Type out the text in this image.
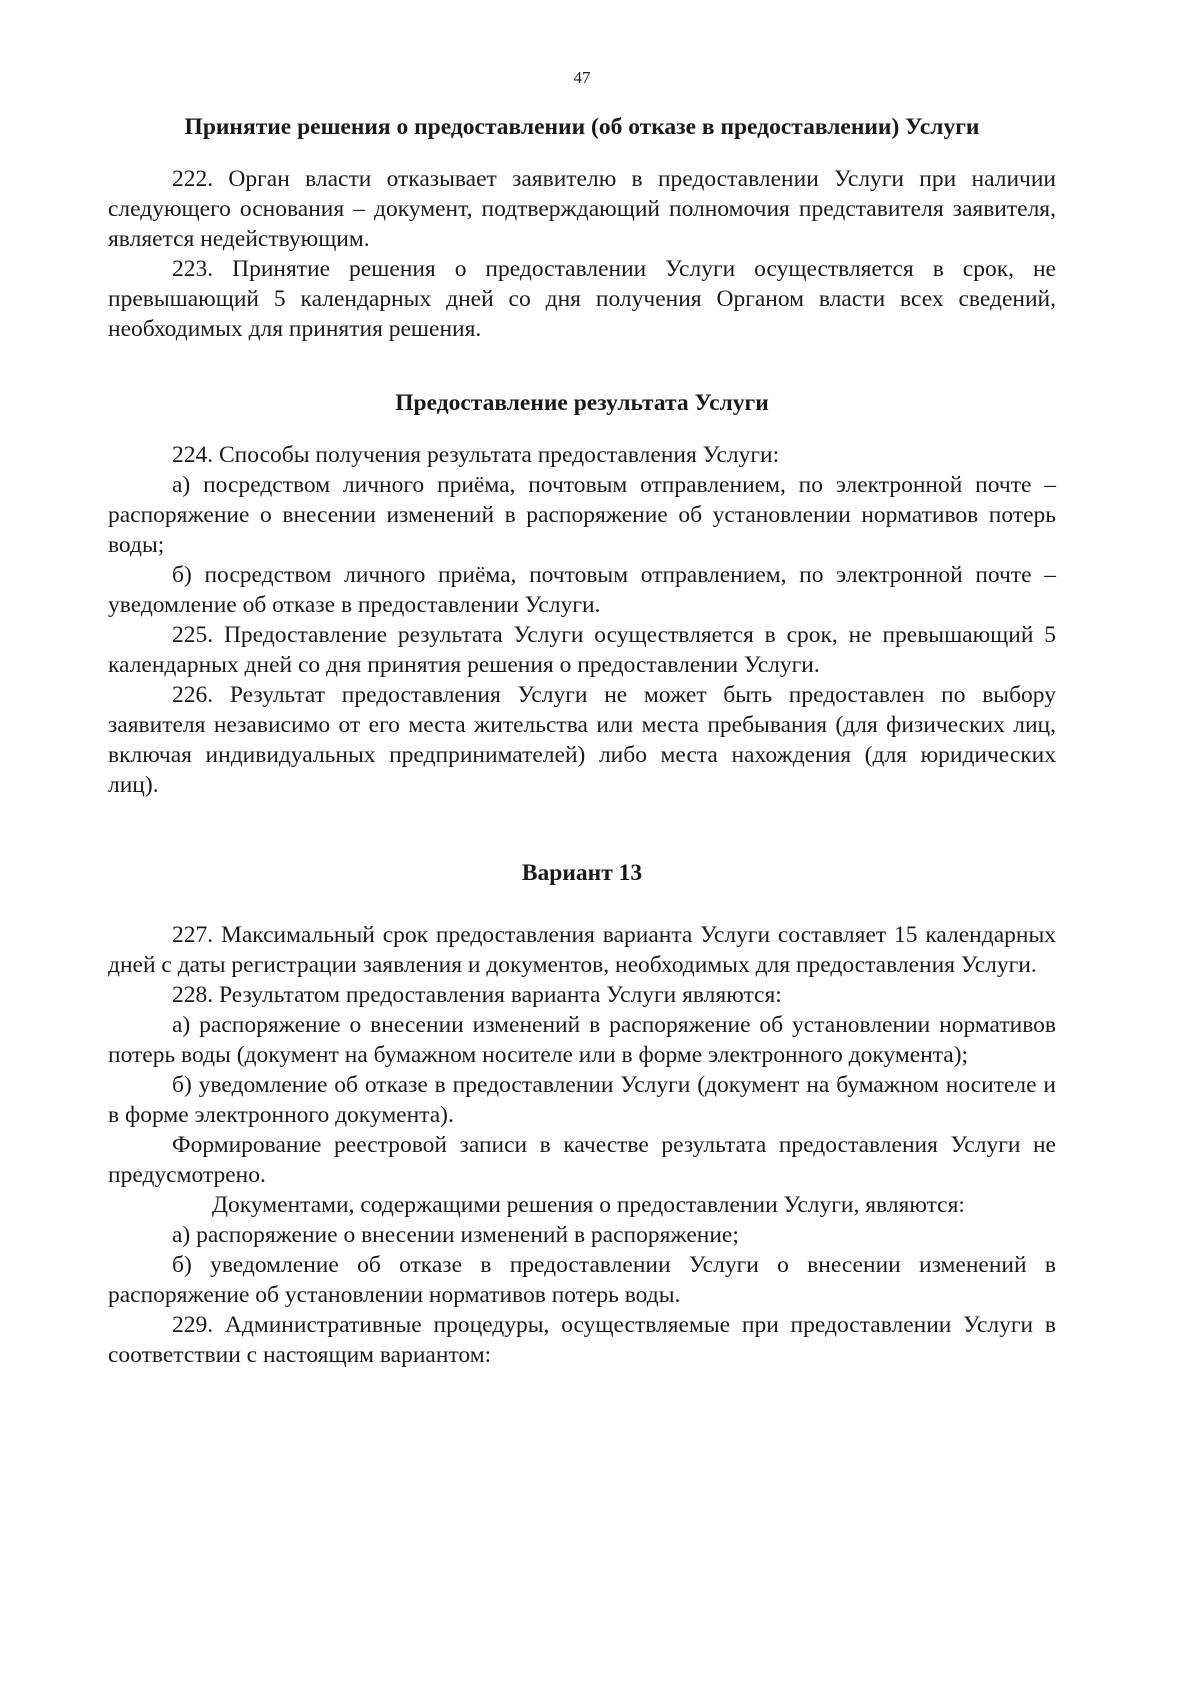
47
Принятие решения о предоставлении (об отказе в предоставлении) Услуги

222. Орган власти отказывает заявителю в предоставлении Услуги при наличии следующего основания – документ, подтверждающий полномочия представителя заявителя, является недействующим.

223. Принятие решения о предоставлении Услуги осуществляется в срок, не превышающий 5 календарных дней со дня получения Органом власти всех сведений, необходимых для принятия решения.

Предоставление результата Услуги

224. Способы получения результата предоставления Услуги:

а) посредством личного приёма, почтовым отправлением, по электронной почте – распоряжение о внесении изменений в распоряжение об установлении нормативов потерь воды;

б) посредством личного приёма, почтовым отправлением, по электронной почте – уведомление об отказе в предоставлении Услуги.

225. Предоставление результата Услуги осуществляется в срок, не превышающий 5 календарных дней со дня принятия решения о предоставлении Услуги.

226. Результат предоставления Услуги не может быть предоставлен по выбору заявителя независимо от его места жительства или места пребывания (для физических лиц, включая индивидуальных предпринимателей) либо места нахождения (для юридических лиц).

Вариант 13

227. Максимальный срок предоставления варианта Услуги составляет 15 календарных дней с даты регистрации заявления и документов, необходимых для предоставления Услуги.

228. Результатом предоставления варианта Услуги являются:

а) распоряжение о внесении изменений в распоряжение об установлении нормативов потерь воды (документ на бумажном носителе или в форме электронного документа);

б) уведомление об отказе в предоставлении Услуги (документ на бумажном носителе и в форме электронного документа).

Формирование реестровой записи в качестве результата предоставления Услуги не предусмотрено.

Документами, содержащими решения о предоставлении Услуги, являются:

а) распоряжение о внесении изменений в распоряжение;

б) уведомление об отказе в предоставлении Услуги о внесении изменений в распоряжение об установлении нормативов потерь воды.

229. Административные процедуры, осуществляемые при предоставлении Услуги в соответствии с настоящим вариантом:
